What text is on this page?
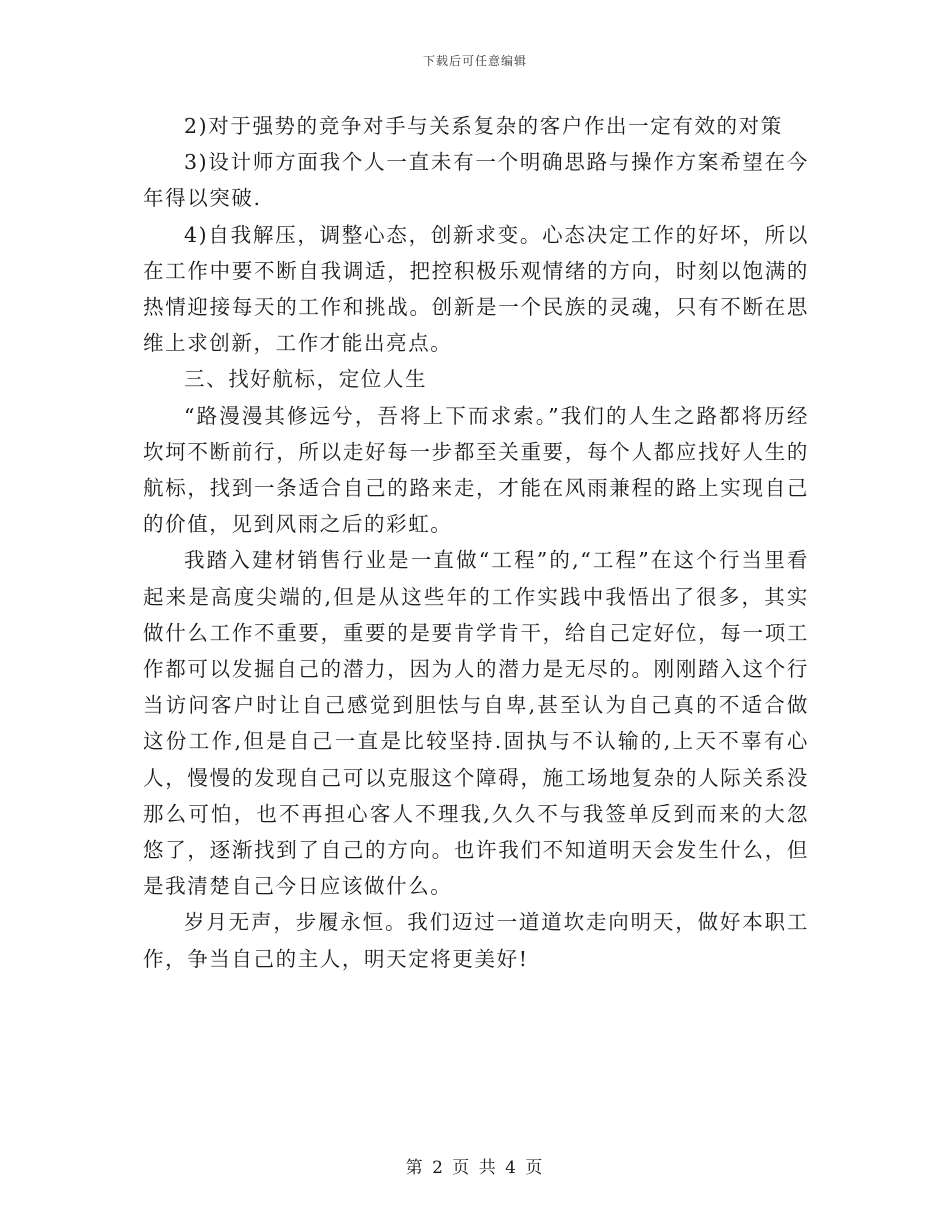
下载后可任意编辑

2)对于强势的竞争对手与关系复杂的客户作出一定有效的对策

3)设计师方面我个人一直未有一个明确思路与操作方案希望在今年得以突破.

4)自我解压，调整心态，创新求变。心态决定工作的好坏，所以在工作中要不断自我调适，把控积极乐观情绪的方向，时刻以饱满的热情迎接每天的工作和挑战。创新是一个民族的灵魂，只有不断在思维上求创新，工作才能出亮点。

三、找好航标，定位人生

“路漫漫其修远兮，吾将上下而求索。”我们的人生之路都将历经坎坷不断前行，所以走好每一步都至关重要，每个人都应找好人生的航标，找到一条适合自己的路来走，才能在风雨兼程的路上实现自己的价值，见到风雨之后的彩虹。

我踏入建材销售行业是一直做“工程”的,“工程”在这个行当里看起来是高度尖端的,但是从这些年的工作实践中我悟出了很多，其实做什么工作不重要，重要的是要肯学肯干，给自己定好位，每一项工作都可以发掘自己的潜力，因为人的潜力是无尽的。刚刚踏入这个行当访问客户时让自己感觉到胆怯与自卑,甚至认为自己真的不适合做这份工作,但是自己一直是比较坚持.固执与不认输的,上天不辜有心人，慢慢的发现自己可以克服这个障碍，施工场地复杂的人际关系没那么可怕，也不再担心客人不理我,久久不与我签单反到而来的大忽悠了，逐渐找到了自己的方向。也许我们不知道明天会发生什么，但是我清楚自己今日应该做什么。

岁月无声，步履永恒。我们迈过一道道坎走向明天，做好本职工作，争当自己的主人，明天定将更美好!

第 2 页 共 4 页
